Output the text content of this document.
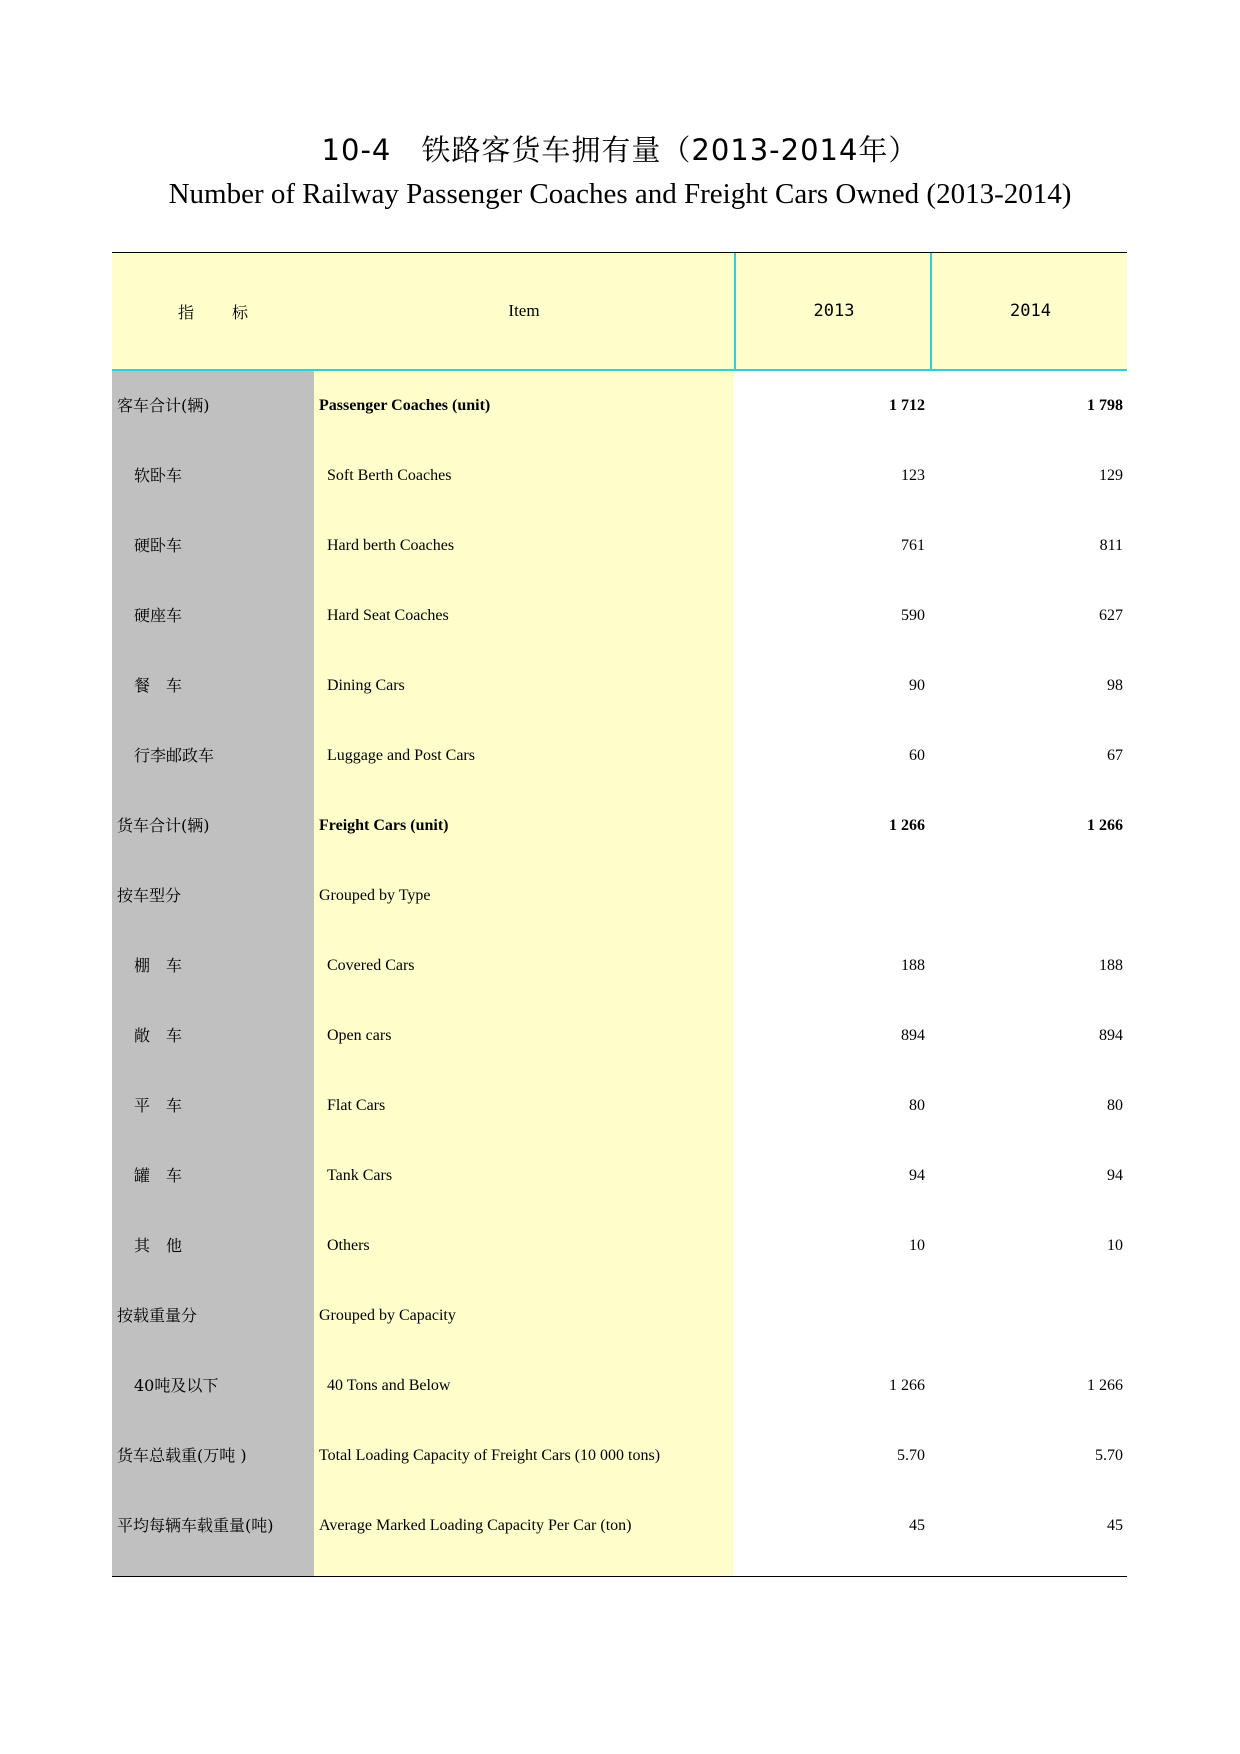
10-4　铁路客货车拥有量（2013-2014年）
Number of Railway Passenger Coaches and Freight Cars Owned (2013-2014)
指标	Item	2013	2014
客车合计(辆)	Passenger Coaches (unit)	1 712	1 798
软卧车	Soft Berth Coaches	123	129
硬卧车	Hard berth Coaches	761	811
硬座车	Hard Seat Coaches	590	627
餐　车	Dining Cars	90	98
行李邮政车	Luggage and Post Cars	60	67
货车合计(辆)	Freight Cars (unit)	1 266	1 266
按车型分	Grouped by Type
棚　车	Covered Cars	188	188
敞　车	Open cars	894	894
平　车	Flat Cars	80	80
罐　车	Tank Cars	94	94
其　他	Others	10	10
按载重量分	Grouped by Capacity
40吨及以下	40 Tons and Below	1 266	1 266
货车总载重(万吨 )	Total Loading Capacity of Freight Cars (10 000 tons)	5.70	5.70
平均每辆车载重量(吨)	Average Marked Loading Capacity Per Car (ton)	45	45
